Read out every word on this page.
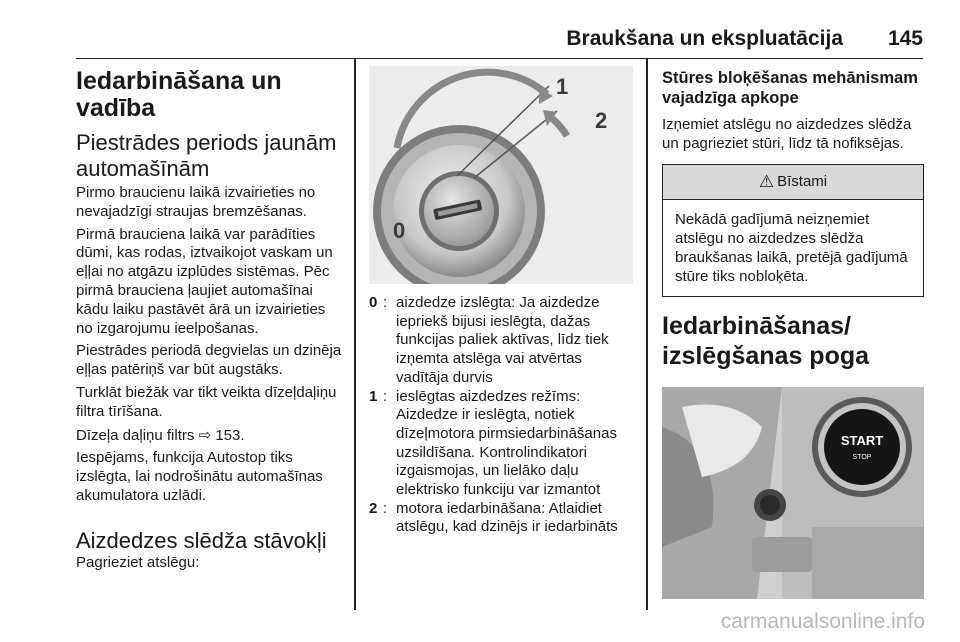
Braukšana un ekspluatācija 145
Iedarbināšana un vadība
Piestrādes periods jaunām automašīnām

Pirmo braucienu laikā izvairieties no nevajadzīgi straujas bremzēšanas.

Pirmā brauciena laikā var parādīties dūmi, kas rodas, iztvaikojot vaskam un eļļai no atgāzu izplūdes sistēmas. Pēc pirmā brauciena ļaujiet automašīnai kādu laiku pastāvēt ārā un izvairieties no izgarojumu ieelpošanas.

Piestrādes periodā degvielas un dzinēja eļļas patēriņš var būt augstāks.

Turklāt biežāk var tikt veikta dīzeļdaļiņu filtra tīrīšana.

Dīzeļa daļiņu filtrs ⇨ 153.

Iespējams, funkcija Autostop tiks izslēgta, lai nodrošinātu automašīnas akumulatora uzlādi.

Aizdedzes slēdža stāvokļi

Pagrieziet atslēgu:

1
2
0
0 : aizdedze izslēgta: Ja aizdedze iepriekš bijusi ieslēgta, dažas funkcijas paliek aktīvas, līdz tiek izņemta atslēga vai atvērtas vadītāja durvis
1 : ieslēgtas aizdedzes režīms: Aizdedze ir ieslēgta, notiek dīzeļmotora pirmsiedarbināšanas uzsildīšana. Kontrolindikatori izgaismojas, un lielāko daļu elektrisko funkciju var izmantot
2 : motora iedarbināšana: Atlaidiet atslēgu, kad dzinējs ir iedarbināts
Stūres bloķēšanas mehānismam vajadzīga apkope

Izņemiet atslēgu no aizdedzes slēdža un pagrieziet stūri, līdz tā nofiksējas.

⚠ Bīstami
Nekādā gadījumā neizņemiet atslēgu no aizdedzes slēdža braukšanas laikā, pretējā gadījumā stūre tiks nobloķēta.
Iedarbināšanas/ izslēgšanas poga
START
STOP
carmanualsonline.info
